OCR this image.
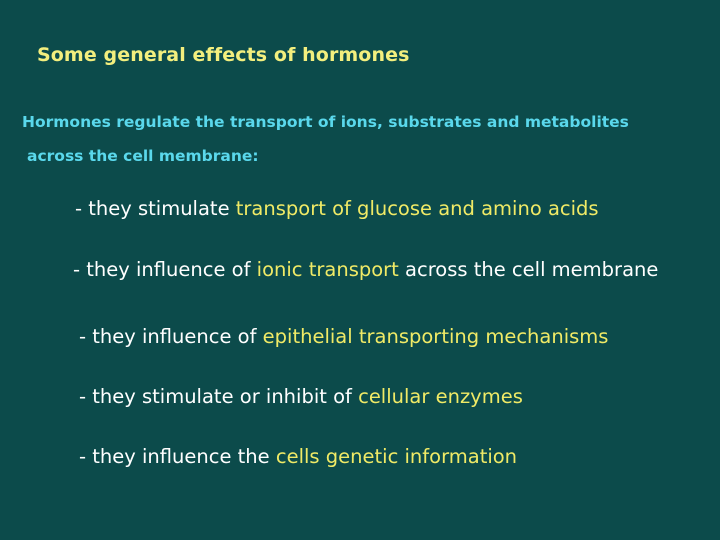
Some general effects of hormones
Hormones regulate the transport of ions, substrates and metabolites
across the cell membrane:
- they stimulate transport of glucose and amino acids
- they influence of ionic transport across the cell membrane
- they influence of epithelial transporting mechanisms
- they stimulate or inhibit of cellular enzymes
- they influence the cells genetic information
